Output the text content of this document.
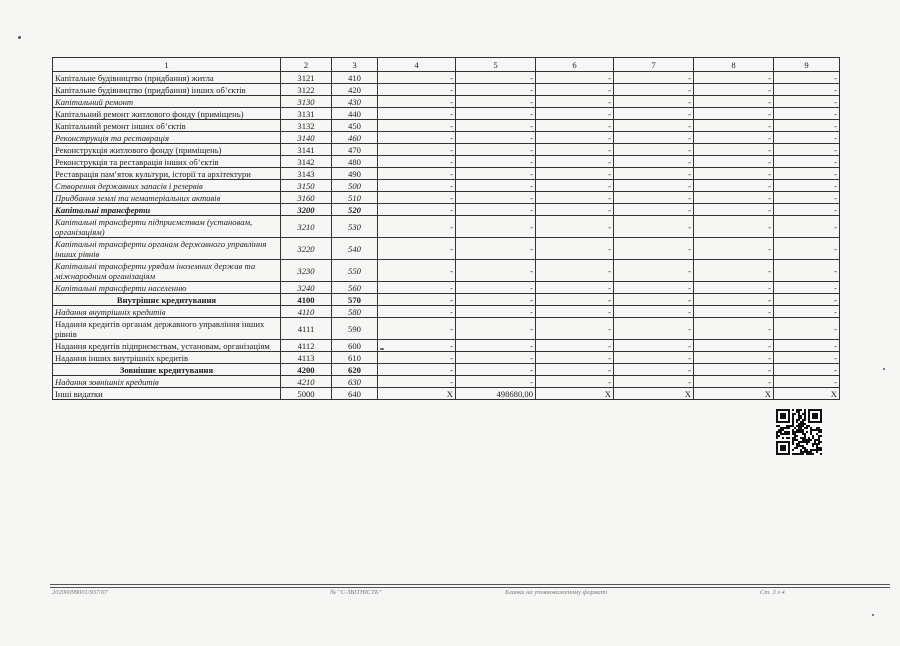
1	2	3	4	5	6	7	8	9
Капітальне будівництво (придбання) житла	3121	410	-	-	-	-	-	-
Капітальне будівництво (придбання) інших об’єктів	3122	420	-	-	-	-	-	-
Капітальний ремонт	3130	430	-	-	-	-	-	-
Капітальний ремонт житлового фонду (приміщень)	3131	440	-	-	-	-	-	-
Капітальний ремонт інших об’єктів	3132	450	-	-	-	-	-	-
Реконструкція та реставрація	3140	460	-	-	-	-	-	-
Реконструкція житлового фонду (приміщень)	3141	470	-	-	-	-	-	-
Реконструкція та реставрація інших об’єктів	3142	480	-	-	-	-	-	-
Реставрація пам’яток культури, історії та архітектури	3143	490	-	-	-	-	-	-
Створення державних запасів і резервів	3150	500	-	-	-	-	-	-
Придбання землі та нематеріальних активів	3160	510	-	-	-	-	-	-
Капітальні трансферти	3200	520	-	-	-	-	-	-
Капітальні трансферти підприємствам (установам, організаціям)	3210	530	-	-	-	-	-	-
Капітальні трансферти органам державного управління інших рівнів	3220	540	-	-	-	-	-	-
Капітальні трансферти урядам іноземних держав та міжнародним організаціям	3230	550	-	-	-	-	-	-
Капітальні трансферти населенню	3240	560	-	-	-	-	-	-
Внутрішнє кредитування	4100	570	-	-	-	-	-	-
Надання внутрішніх кредитів	4110	580	-	-	-	-	-	-
Надання кредитів органам державного управління інших рівнів	4111	590	-	-	-	-	-	-
Надання кредитів підприємствам, установам, організаціям	4112	600	-	-	-	-	-	-
Надання інших внутрішніх кредитів	4113	610	-	-	-	-	-	-
Зовнішнє кредитування	4200	620	-	-	-	-	-	-
Надання зовнішніх кредитів	4210	630	-	-	-	-	-	-
Інші видатки	5000	640	X	498680,00	X	X	X	X
20200099001/937/07	№ "С-ЗВІТНІСТЬ"	Бланки на уповноваженому форматі	Ст. 3 з 4
